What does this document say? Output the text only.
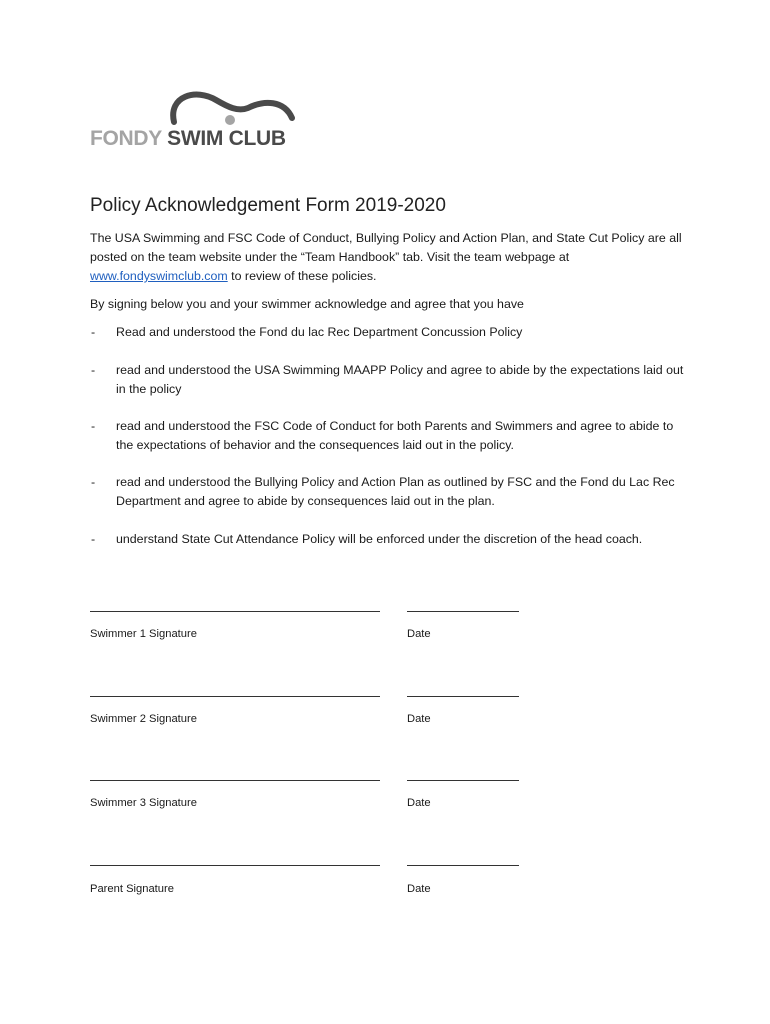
FONDY SWIM CLUB
Policy Acknowledgement Form 2019-2020
The USA Swimming and FSC Code of Conduct, Bullying Policy and Action Plan, and State Cut Policy are all posted on the team website under the “Team Handbook” tab. Visit the team webpage at www.fondyswimclub.com to review of these policies.
By signing below you and your swimmer acknowledge and agree that you have
- Read and understood the Fond du lac Rec Department Concussion Policy
- read and understood the USA Swimming MAAPP Policy and agree to abide by the expectations laid out in the policy
- read and understood the FSC Code of Conduct for both Parents and Swimmers and agree to abide to the expectations of behavior and the consequences laid out in the policy.
- read and understood the Bullying Policy and Action Plan as outlined by FSC and the Fond du Lac Rec Department and agree to abide by consequences laid out in the plan.
- understand State Cut Attendance Policy will be enforced under the discretion of the head coach.
Swimmer 1 Signature	Date
Swimmer 2 Signature	Date
Swimmer 3 Signature	Date
Parent Signature	Date
